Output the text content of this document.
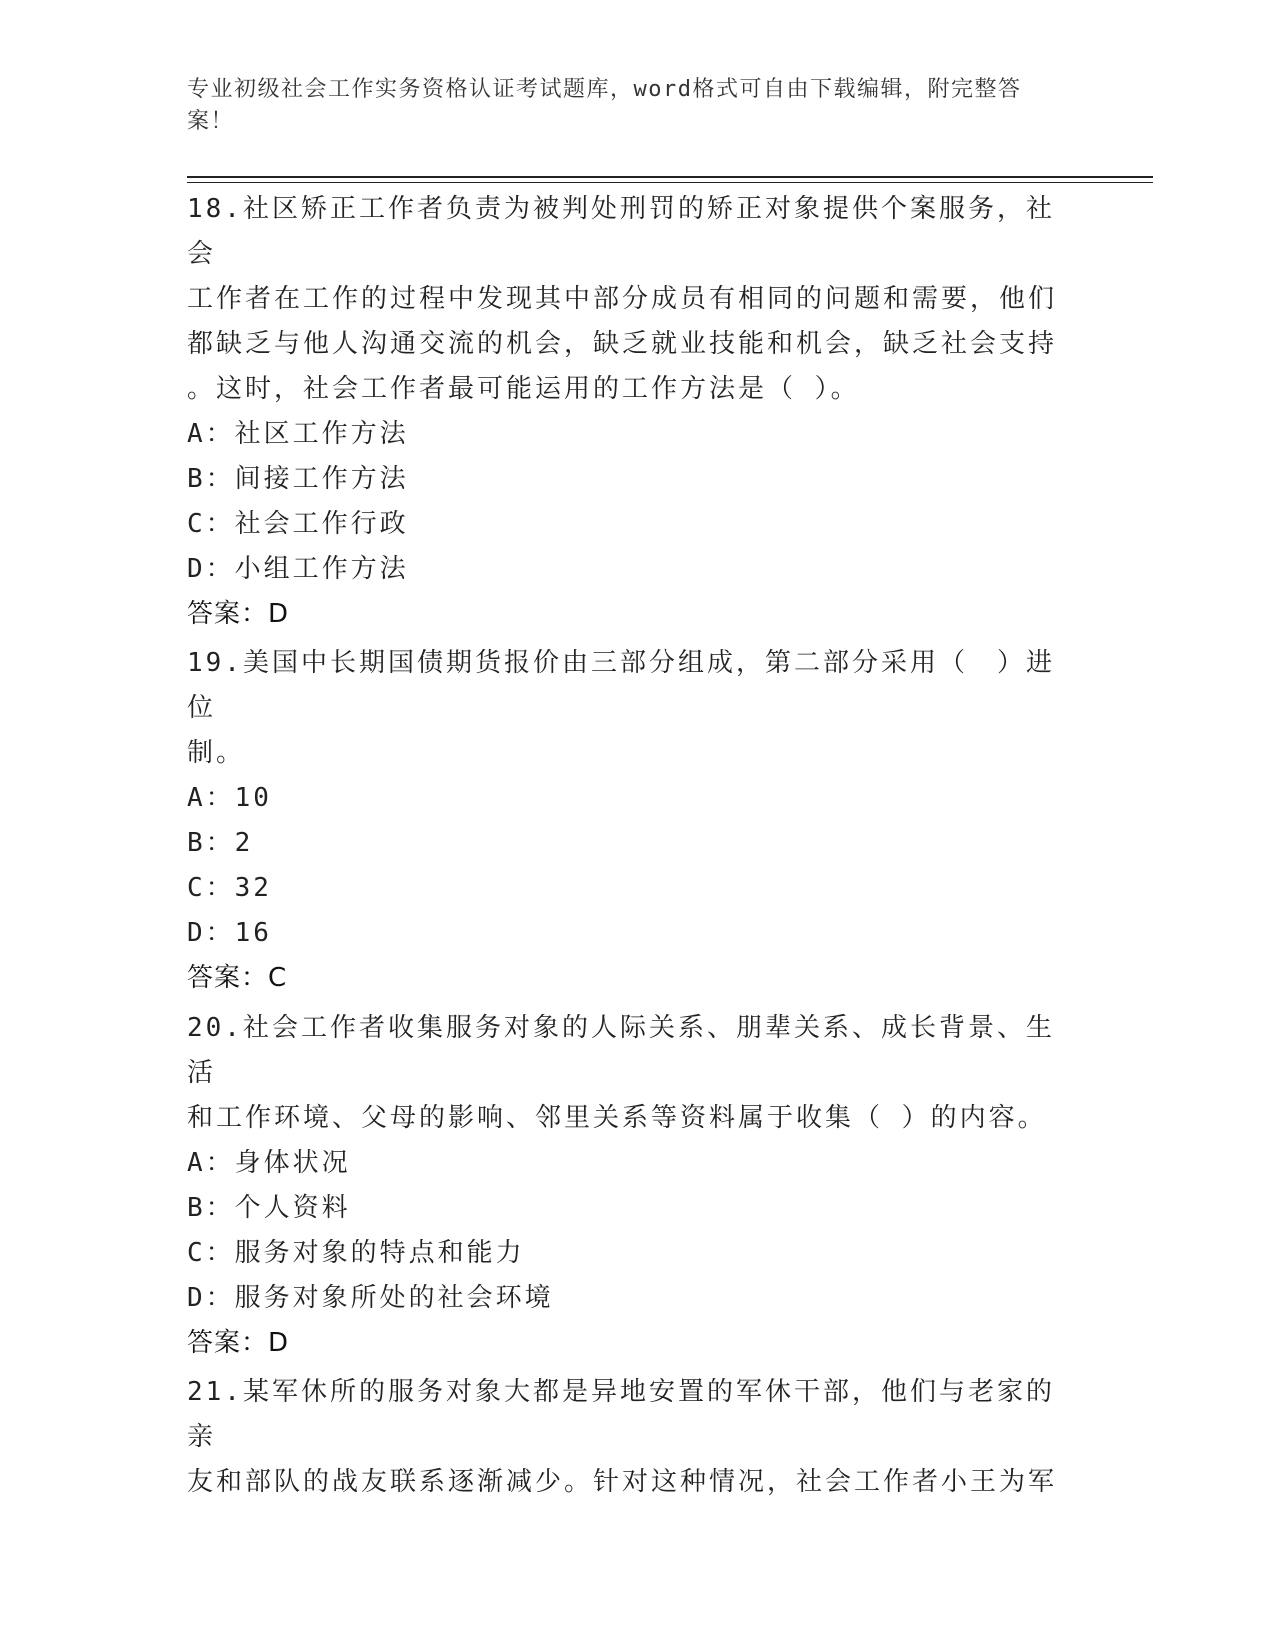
专业初级社会工作实务资格认证考试题库，word格式可自由下载编辑，附完整答案！

18.社区矫正工作者负责为被判处刑罚的矫正对象提供个案服务，社会

工作者在工作的过程中发现其中部分成员有相同的问题和需要，他们

都缺乏与他人沟通交流的机会，缺乏就业技能和机会，缺乏社会支持

。这时，社会工作者最可能运用的工作方法是（ ）。

A：社区工作方法

B：间接工作方法

C：社会工作行政

D：小组工作方法

答案：D

19.美国中长期国债期货报价由三部分组成，第二部分采用（　）进位

制。

A：10

B：2

C：32

D：16

答案：C

20.社会工作者收集服务对象的人际关系、朋辈关系、成长背景、生活

和工作环境、父母的影响、邻里关系等资料属于收集（ ）的内容。

A：身体状况

B：个人资料

C：服务对象的特点和能力

D：服务对象所处的社会环境

答案：D

21.某军休所的服务对象大都是异地安置的军休干部，他们与老家的亲

友和部队的战友联系逐渐减少。针对这种情况，社会工作者小王为军
